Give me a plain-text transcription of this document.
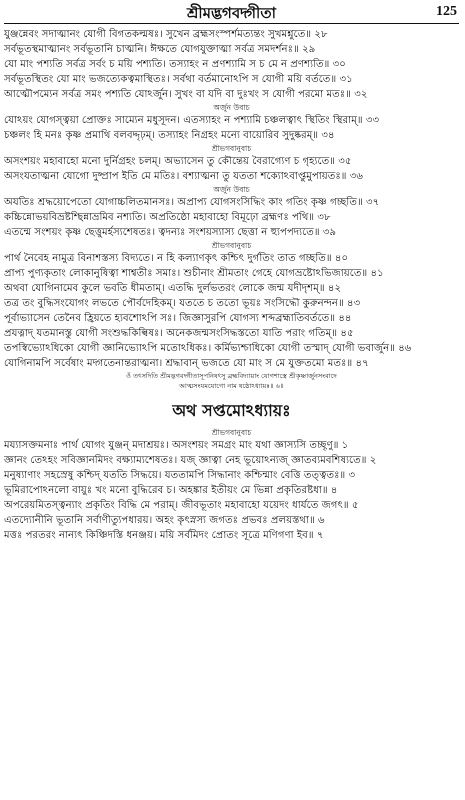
শ্রীমদ্ভগবদ্গীতা	125
যুঞ্জন্নেবং সদাত্মানং যোগী বিগতকল্মষঃ। সুখেন ব্রহ্মসংস্পর্শমত্যন্তং সুখমশ্নুতে॥ ২৮
সর্বভূতস্থমাত্মানং সর্বভূতানি চাত্মনি। ঈক্ষতে যোগযুক্তাত্মা সর্বত্র সমদর্শনঃ॥ ২৯
যো মাং পশ্যতি সর্বত্র সর্বং চ ময়ি পশ্যতি। তস্যাহং ন প্রণশ্যামি স চ মে ন প্রণশ্যতি॥ ৩০
সর্বভূতস্থিতং যো মাং ভজত্যেকত্বমাস্থিতঃ। সর্বথা বর্তমানোঽপি স যোগী ময়ি বর্ততে॥ ৩১
আত্মৌপম্যেন সর্বত্র সমং পশ্যতি যোঽর্জুন। সুখং বা যদি বা দুঃখং স যোগী পরমো মতঃ॥ ৩২
অর্জুন উবাচ
যোঽয়ং যোগস্ত্বয়া প্রোক্তঃ সাম্যেন মধুসূদন। এতস্যাহং ন পশ্যামি চঞ্চলত্বাৎ স্থিতিং স্থিরাম্॥ ৩৩
চঞ্চলং হি মনঃ কৃষ্ণ প্রমাথি বলবদ্দৃঢ়ম্। তস্যাহং নিগ্রহং মন্যে বায়োরিব সুদুষ্করম্॥ ৩৪
শ্রীভগবানুবাচ
অসংশয়ং মহাবাহো মনো দুর্নিগ্রহং চলম্। অভ্যাসেন তু কৌন্তেয় বৈরাগ্যেণ চ গৃহ্যতে॥ ৩৫
অসংযতাত্মনা যোগো দুষ্প্রাপ ইতি মে মতিঃ। বশ্যাত্মনা তু যততা শক্যোঽবাপ্তুমুপায়তঃ॥ ৩৬
অর্জুন উবাচ
অযতিঃ শ্রদ্ধয়োপেতো যোগাচ্চলিতমানসঃ। অপ্রাপ্য যোগসংসিদ্ধিং কাং গতিং কৃষ্ণ গচ্ছতি॥ ৩৭
কচ্চিন্নোভয়বিভ্রষ্টশ্ছিন্নাভ্রমিব নশ্যতি। অপ্রতিষ্ঠো মহাবাহো বিমূঢ়ো ব্রহ্মণঃ পথি॥ ৩৮
এতন্মে সংশয়ং কৃষ্ণ ছেত্তুমর্হস্যশেষতঃ। ত্বদন্যঃ সংশয়স্যাস্য ছেত্তা ন হ্যুপপদ্যতে॥ ৩৯
শ্রীভগবানুবাচ
পার্থ নৈবেহ নামুত্র বিনাশস্তস্য বিদ্যতে। ন হি কল্যাণকৃৎ কশ্চিৎ দুর্গতিং তাত গচ্ছতি॥ ৪০
প্রাপ্য পুণ্যকৃতাং লোকানুষিত্বা শাশ্বতীঃ সমাঃ। শুচীনাং শ্রীমতাং গেহে যোগভ্রষ্টোঽভিজায়তে॥ ৪১
অথবা যোগিনামেব কুলে ভবতি ধীমতাম্। এতদ্ধি দুর্লভতরং লোকে জন্ম যদীদৃশম্॥ ৪২
তত্র তং বুদ্ধিসংযোগং লভতে পৌর্বদেহিকম্। যততে চ ততো ভূয়ঃ সংসিদ্ধৌ কুরুনন্দন॥ ৪৩
পূর্বাভ্যাসেন তেনৈব হ্রিয়তে হ্যবশোঽপি সঃ। জিজ্ঞাসুরপি যোগস্য শব্দব্রহ্মাতিবর্ততে॥ ৪৪
প্রযত্নাদ্ যতমানস্তু যোগী সংশুদ্ধকিল্বিষঃ। অনেকজন্মসংসিদ্ধস্ততো যাতি পরাং গতিম্॥ ৪৫
তপস্বিভ্যোঽধিকো যোগী জ্ঞানিভ্যোঽপি মতোঽধিকঃ। কর্মিভ্যশ্চাধিকো যোগী তস্মাদ্ যোগী ভবার্জুন॥ ৪৬
যোগিনামপি সর্বেষাং মদ্গতেনান্তরাত্মনা। শ্রদ্ধাবান্ ভজতে যো মাং স মে যুক্ততমো মতঃ॥ ৪৭
ওঁ তৎসদিতি শ্রীমদ্ভগবদ্গীতাসূপনিষৎসু ব্রহ্মবিদ্যায়াং যোগশাস্ত্রে শ্রীকৃষ্ণার্জুনসংবাদে
আত্মসংযমযোগো নাম ষষ্ঠোঽধ্যায়ঃ॥ ৬॥
অথ সপ্তমোঽধ্যায়ঃ
শ্রীভগবানুবাচ
ময্যাসক্তমনাঃ পার্থ যোগং যুঞ্জন্ মদাশ্রয়ঃ। অসংশয়ং সমগ্রং মাং যথা জ্ঞাস্যসি তচ্ছৃণু॥ ১
জ্ঞানং তেঽহং সবিজ্ঞানমিদং বক্ষ্যাম্যশেষতঃ। যজ্ জ্ঞাত্বা নেহ ভূয়োঽন্যজ্ জ্ঞাতব্যমবশিষ্যতে॥ ২
মনুষ্যাণাং সহস্রেষু কশ্চিদ্ যততি সিদ্ধয়ে। যততামপি সিদ্ধানাং কশ্চিন্মাং বেত্তি তত্ত্বতঃ॥ ৩
ভূমিরাপোঽনলো বায়ুঃ খং মনো বুদ্ধিরেব চ। অহঙ্কার ইতীয়ং মে ভিন্না প্রকৃতিরষ্টধা॥ ৪
অপরেয়মিতস্ত্বন্যাং প্রকৃতিং বিদ্ধি মে পরাম্। জীবভূতাং মহাবাহো যয়েদং ধার্যতে জগৎ॥ ৫
এতদ্যোনীনি ভূতানি সর্বাণীত্যুপধারয়। অহং কৃৎস্নস্য জগতঃ প্রভবঃ প্রলয়স্তথা॥ ৬
মত্তঃ পরতরং নান্যৎ কিঞ্চিদস্তি ধনঞ্জয়। ময়ি সর্বমিদং প্রোতং সূত্রে মণিগণা ইব॥ ৭
